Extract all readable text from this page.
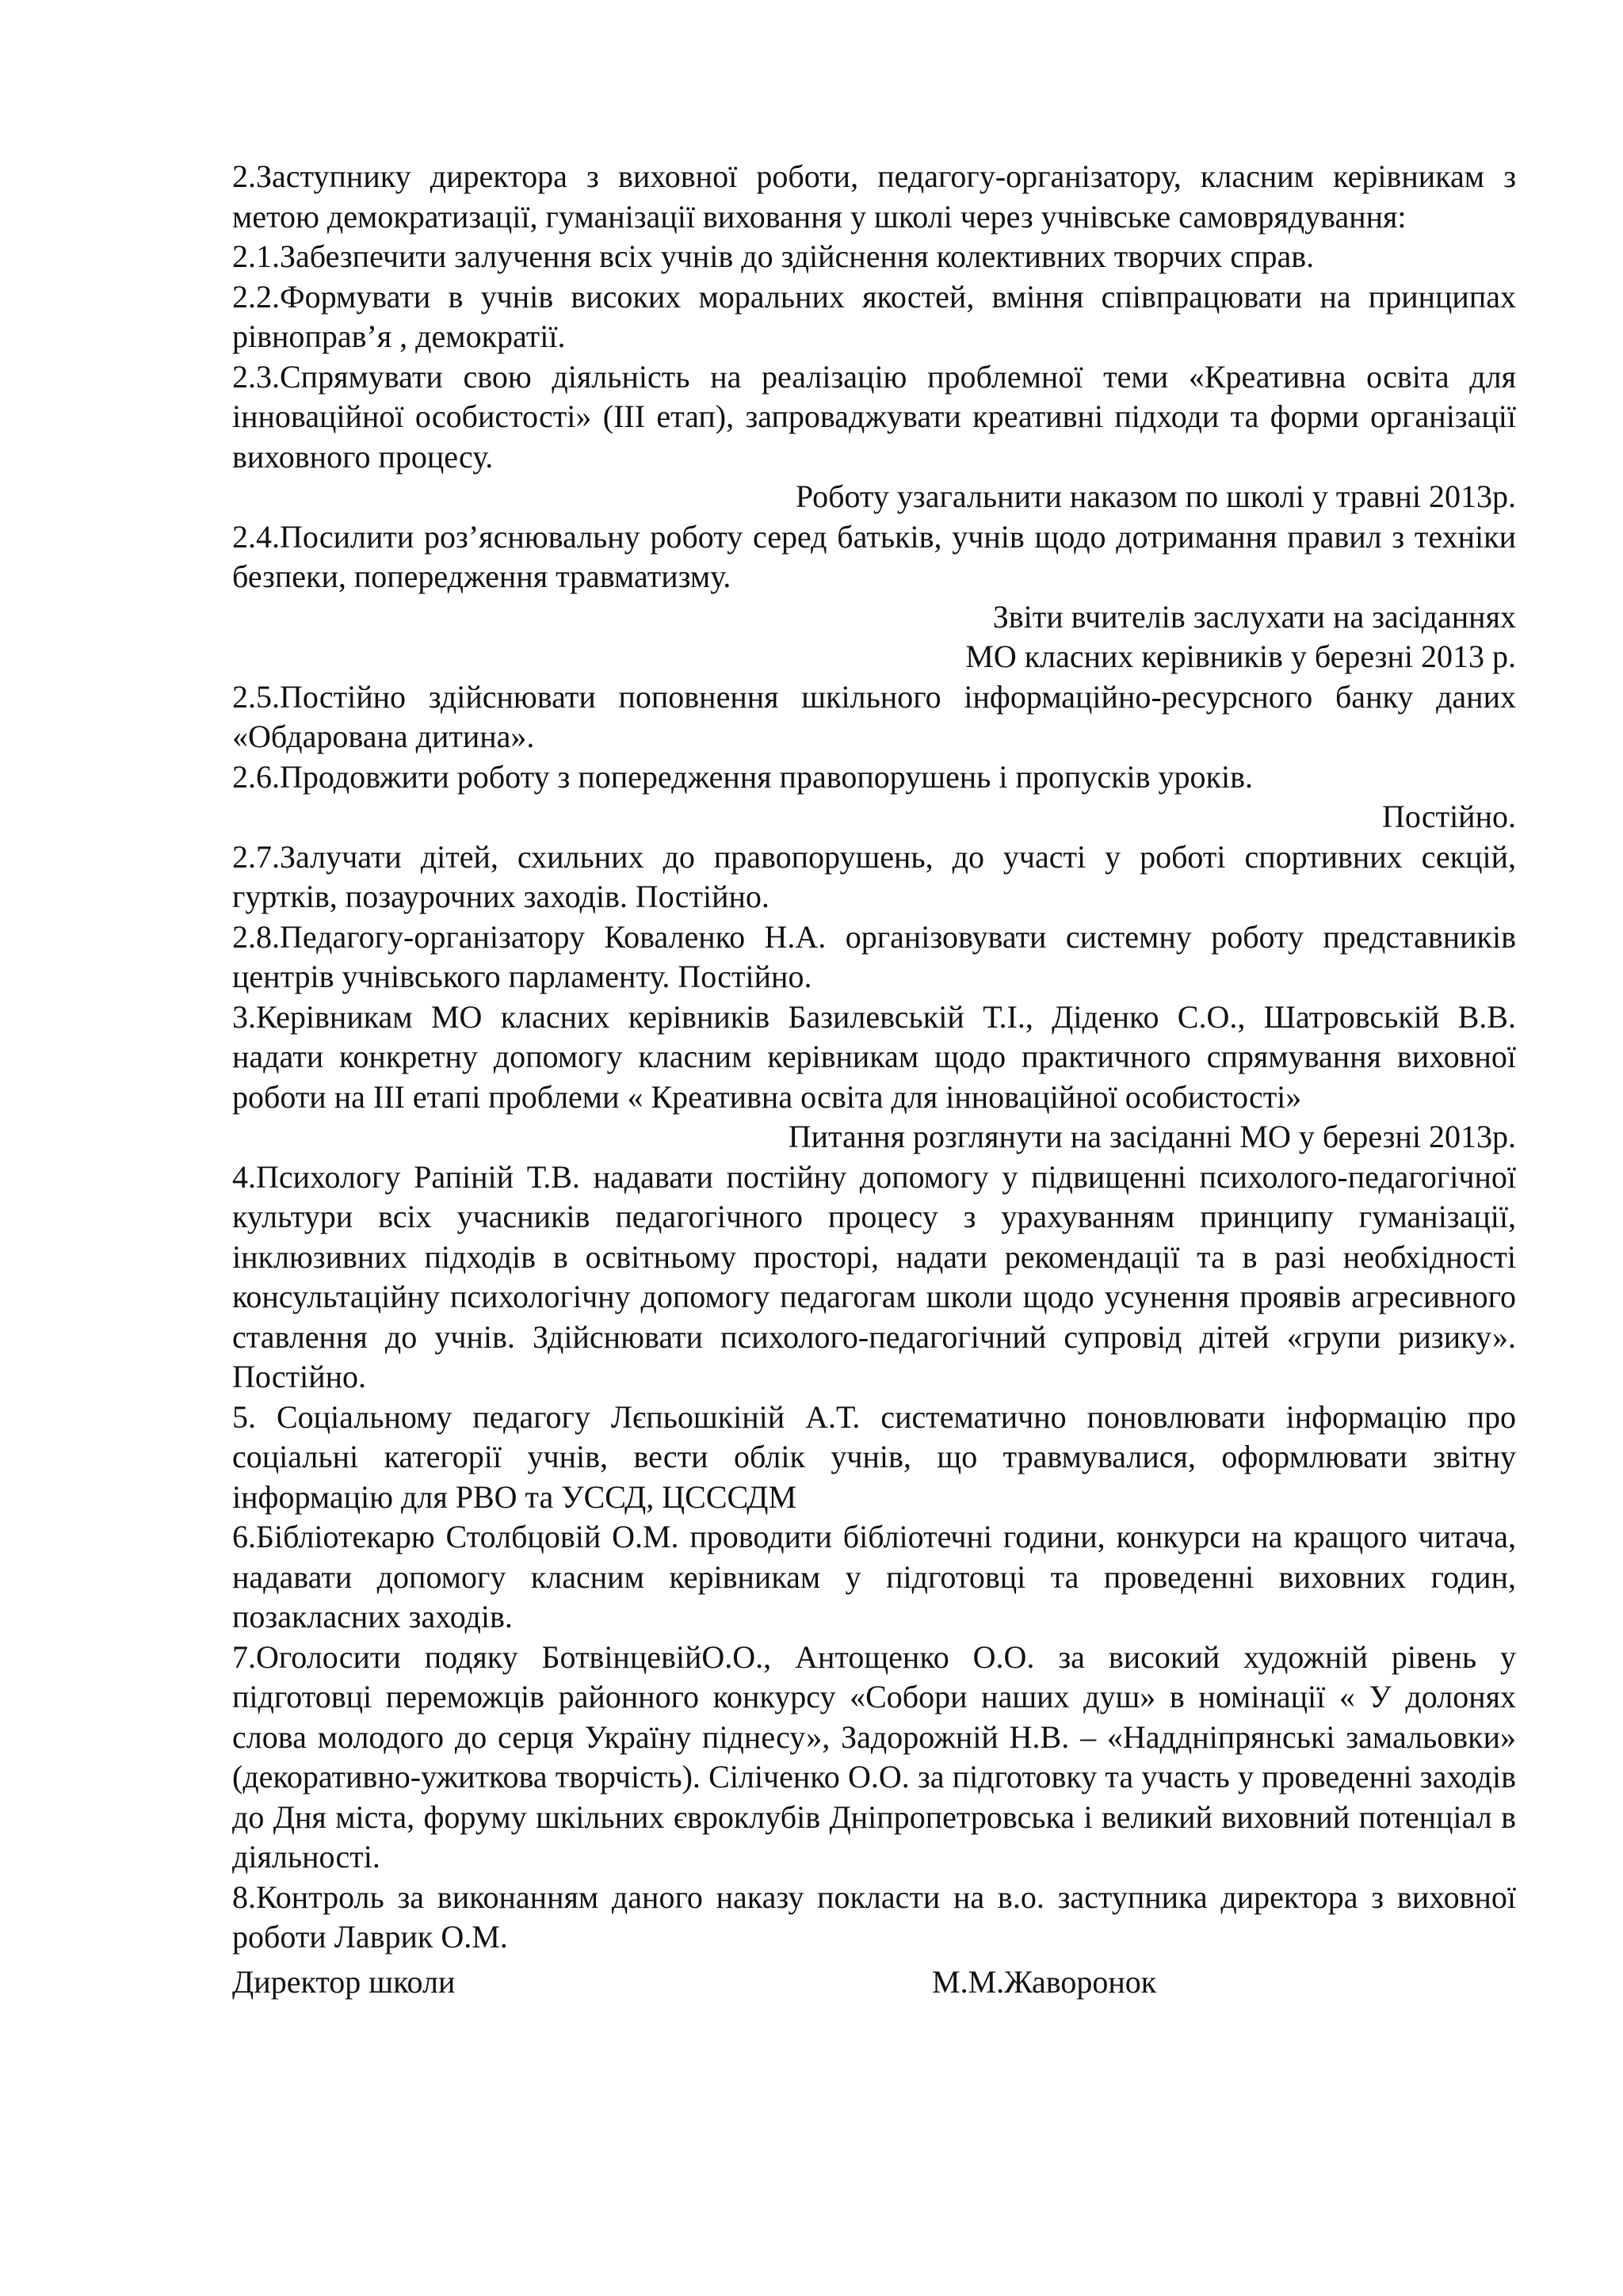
2.Заступнику директора з виховної роботи, педагогу-організатору, класним керівникам з метою демократизації, гуманізації виховання у школі через учнівське самоврядування:

2.1.Забезпечити залучення всіх учнів до здійснення колективних творчих справ.

2.2.Формувати в учнів високих моральних якостей, вміння співпрацювати на принципах рівноправ’я , демократії.

2.3.Спрямувати свою діяльність на реалізацію проблемної теми «Креативна освіта для інноваційної особистості» (III етап), запроваджувати креативні підходи та форми організації виховного процесу.

Роботу узагальнити наказом по школі у травні 2013р.

2.4.Посилити роз’яснювальну роботу серед батьків, учнів щодо дотримання правил з техніки безпеки, попередження травматизму.

Звіти вчителів заслухати на засіданнях

МО класних керівників у березні 2013 р.

2.5.Постійно здійснювати поповнення шкільного інформаційно-ресурсного банку даних «Обдарована дитина».

2.6.Продовжити роботу з попередження правопорушень і пропусків уроків.

Постійно.

2.7.Залучати дітей, схильних до правопорушень, до участі у роботі спортивних секцій, гуртків, позаурочних заходів. Постійно.

2.8.Педагогу-організатору Коваленко Н.А. організовувати системну роботу представників центрів учнівського парламенту. Постійно.

3.Керівникам МО класних керівників Базилевській Т.І., Діденко С.О., Шатровській В.В. надати конкретну допомогу класним керівникам щодо практичного спрямування виховної роботи на III етапі проблеми « Креативна освіта для інноваційної особистості»

Питання розглянути на засіданні МО у березні 2013р.

4.Психологу Рапіній Т.В. надавати постійну допомогу у підвищенні психолого-педагогічної культури всіх учасників педагогічного процесу з урахуванням принципу гуманізації, інклюзивних підходів в освітньому просторі, надати рекомендації та в разі необхідності консультаційну психологічну допомогу педагогам школи щодо усунення проявів агресивного ставлення до учнів. Здійснювати психолого-педагогічний супровід дітей «групи ризику». Постійно.

5. Соціальному педагогу Лєпьошкіній А.Т. систематично поновлювати інформацію про соціальні категорії учнів, вести облік учнів, що травмувалися, оформлювати звітну інформацію для РВО та УССД, ЦСССДМ

6.Бібліотекарю Столбцовій О.М. проводити бібліотечні години, конкурси на кращого читача, надавати допомогу класним керівникам у підготовці та проведенні виховних годин, позакласних заходів.

7.Оголосити подяку БотвінцевійО.О., Антощенко О.О. за високий художній рівень у підготовці переможців районного конкурсу «Собори наших душ» в номінації « У долонях слова молодого до серця Україну піднесу», Задорожній Н.В. – «Наддніпрянські замальовки» (декоративно-ужиткова творчість). Сіліченко О.О. за підготовку та участь у проведенні заходів до Дня міста, форуму шкільних євроклубів Дніпропетровська і великий виховний потенціал в діяльності.

8.Контроль за виконанням даного наказу покласти на в.о. заступника директора з виховної роботи Лаврик О.М.

Директор школи	М.М.Жаворонок
